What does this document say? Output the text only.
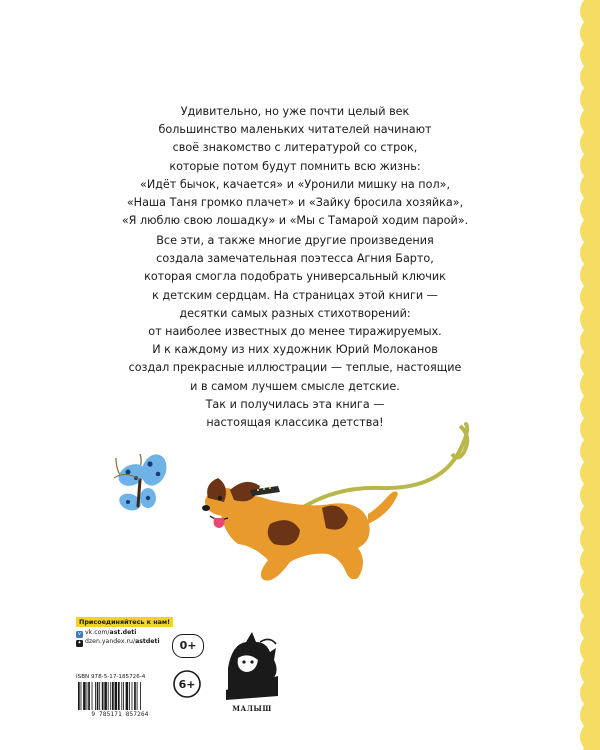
Удивительно, но уже почти целый век
большинство маленьких читателей начинают
своё знакомство с литературой со строк,
которые потом будут помнить всю жизнь:
«Идёт бычок, качается» и «Уронили мишку на пол»,
«Наша Таня громко плачет» и «Зайку бросила хозяйка»,
«Я люблю свою лошадку» и «Мы с Тамарой ходим парой».
Все эти, а также многие другие произведения
создала замечательная поэтесса Агния Барто,
которая смогла подобрать универсальный ключик
к детским сердцам. На страницах этой книги —
десятки самых разных стихотворений:
от наиболее известных до менее тиражируемых.
И к каждому из них художник Юрий Молоканов
создал прекрасные иллюстрации — теплые, настоящие
и в самом лучшем смысле детские.
Так и получилась эта книга —
настоящая классика детства!
Присоединяйтесь к нам!
v vk.com/ast.deti
✦ dzen.yandex.ru/astdeti	0+
6+
ISBN 978-5-17-185726-4
9 785171 857264
МАЛЫШ
